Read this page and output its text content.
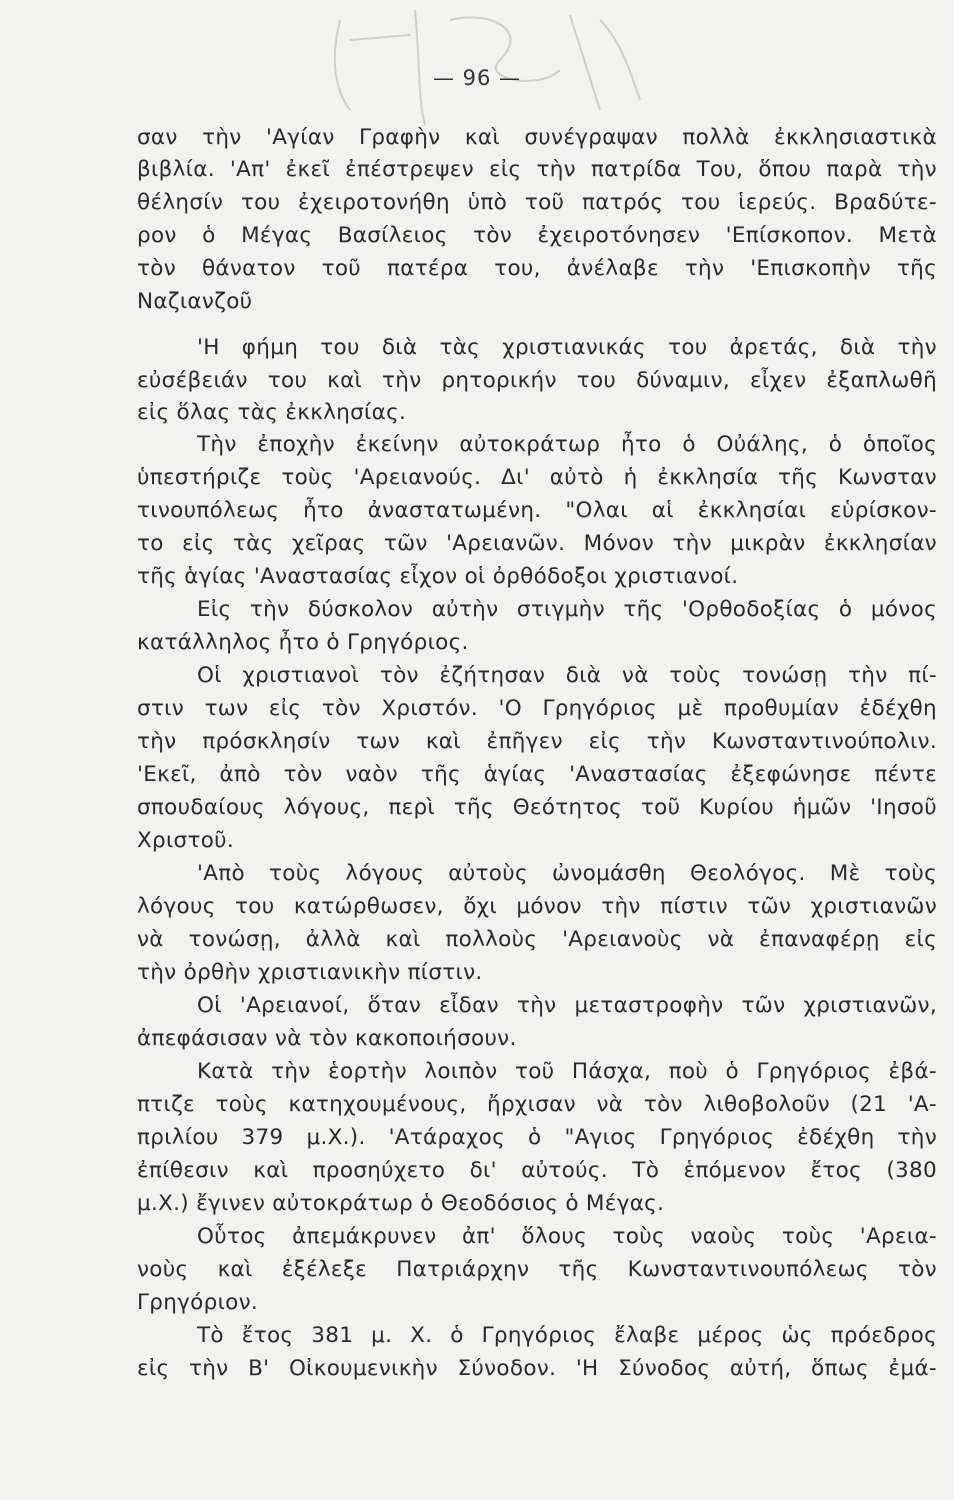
— 96 —
σαν τὴν 'Αγίαν Γραφὴν καὶ συνέγραψαν πολλὰ ἐκκλησιαστικὰ
βιβλία. 'Απ' ἐκεῖ ἐπέστρεψεν εἰς τὴν πατρίδα Του, ὅπου παρὰ τὴν
θέλησίν του ἐχειροτονήθη ὑπὸ τοῦ πατρός του ἱερεύς. Βραδύτε-
ρον ὁ Μέγας Βασίλειος τὸν ἐχειροτόνησεν 'Επίσκοπον. Μετὰ
τὸν θάνατον τοῦ πατέρα του, ἀνέλαβε τὴν 'Επισκοπὴν τῆς
Ναζιανζοῦ
'Η φήμη του διὰ τὰς χριστιανικάς του ἀρετάς, διὰ τὴν
εὐσέβειάν του καὶ τὴν ρητορικήν του δύναμιν, εἶχεν ἐξαπλωθῆ
εἰς ὅλας τὰς ἐκκλησίας.
Τὴν ἐποχὴν ἐκείνην αὐτοκράτωρ ἦτο ὁ Οὐάλης, ὁ ὁποῖος
ὑπεστήριζε τοὺς 'Αρειανούς. Δι' αὐτὸ ἡ ἐκκλησία τῆς Κωνσταν
τινουπόλεως ἦτο ἀναστατωμένη. "Ολαι αἱ ἐκκλησίαι εὑρίσκον-
το εἰς τὰς χεῖρας τῶν 'Αρειανῶν. Μόνον τὴν μικρὰν ἐκκλησίαν
τῆς ἁγίας 'Αναστασίας εἶχον οἱ ὀρθόδοξοι χριστιανοί.
Εἰς τὴν δύσκολον αὐτὴν στιγμὴν τῆς 'Ορθοδοξίας ὁ μόνος
κατάλληλος ἦτο ὁ Γρηγόριος.
Οἱ χριστιανοὶ τὸν ἐζήτησαν διὰ νὰ τοὺς τονώσῃ τὴν πί-
στιν των εἰς τὸν Χριστόν. 'Ο Γρηγόριος μὲ προθυμίαν ἐδέχθη
τὴν πρόσκλησίν των καὶ ἐπῆγεν εἰς τὴν Κωνσταντινούπολιν.
'Εκεῖ, ἀπὸ τὸν ναὸν τῆς ἁγίας 'Αναστασίας ἐξεφώνησε πέντε
σπουδαίους λόγους, περὶ τῆς Θεότητος τοῦ Κυρίου ἡμῶν 'Ιησοῦ
Χριστοῦ.
'Απὸ τοὺς λόγους αὐτοὺς ὠνομάσθη Θεολόγος. Μὲ τοὺς
λόγους του κατώρθωσεν, ὄχι μόνον τὴν πίστιν τῶν χριστιανῶν
νὰ τονώσῃ, ἀλλὰ καὶ πολλοὺς 'Αρειανοὺς νὰ ἐπαναφέρῃ εἰς
τὴν ὀρθὴν χριστιανικὴν πίστιν.
Οἱ 'Αρειανοί, ὅταν εἶδαν τὴν μεταστροφὴν τῶν χριστιανῶν,
ἀπεφάσισαν νὰ τὸν κακοποιήσουν.
Κατὰ τὴν ἑορτὴν λοιπὸν τοῦ Πάσχα, ποὺ ὁ Γρηγόριος ἐβά-
πτιζε τοὺς κατηχουμένους, ἤρχισαν νὰ τὸν λιθοβολοῦν (21 'Α-
πριλίου 379 μ.Χ.). 'Ατάραχος ὁ "Αγιος Γρηγόριος ἐδέχθη τὴν
ἐπίθεσιν καὶ προσηύχετο δι' αὐτούς. Τὸ ἑπόμενον ἔτος (380
μ.Χ.) ἔγινεν αὐτοκράτωρ ὁ Θεοδόσιος ὁ Μέγας.
Οὗτος ἀπεμάκρυνεν ἀπ' ὅλους τοὺς ναοὺς τοὺς 'Αρεια-
νοὺς καὶ ἐξέλεξε Πατριάρχην τῆς Κωνσταντινουπόλεως τὸν
Γρηγόριον.
Τὸ ἔτος 381 μ. Χ. ὁ Γρηγόριος ἔλαβε μέρος ὡς πρόεδρος
εἰς τὴν Β' Οἰκουμενικὴν Σύνοδον. 'Η Σύνοδος αὐτή, ὅπως ἐμά-
